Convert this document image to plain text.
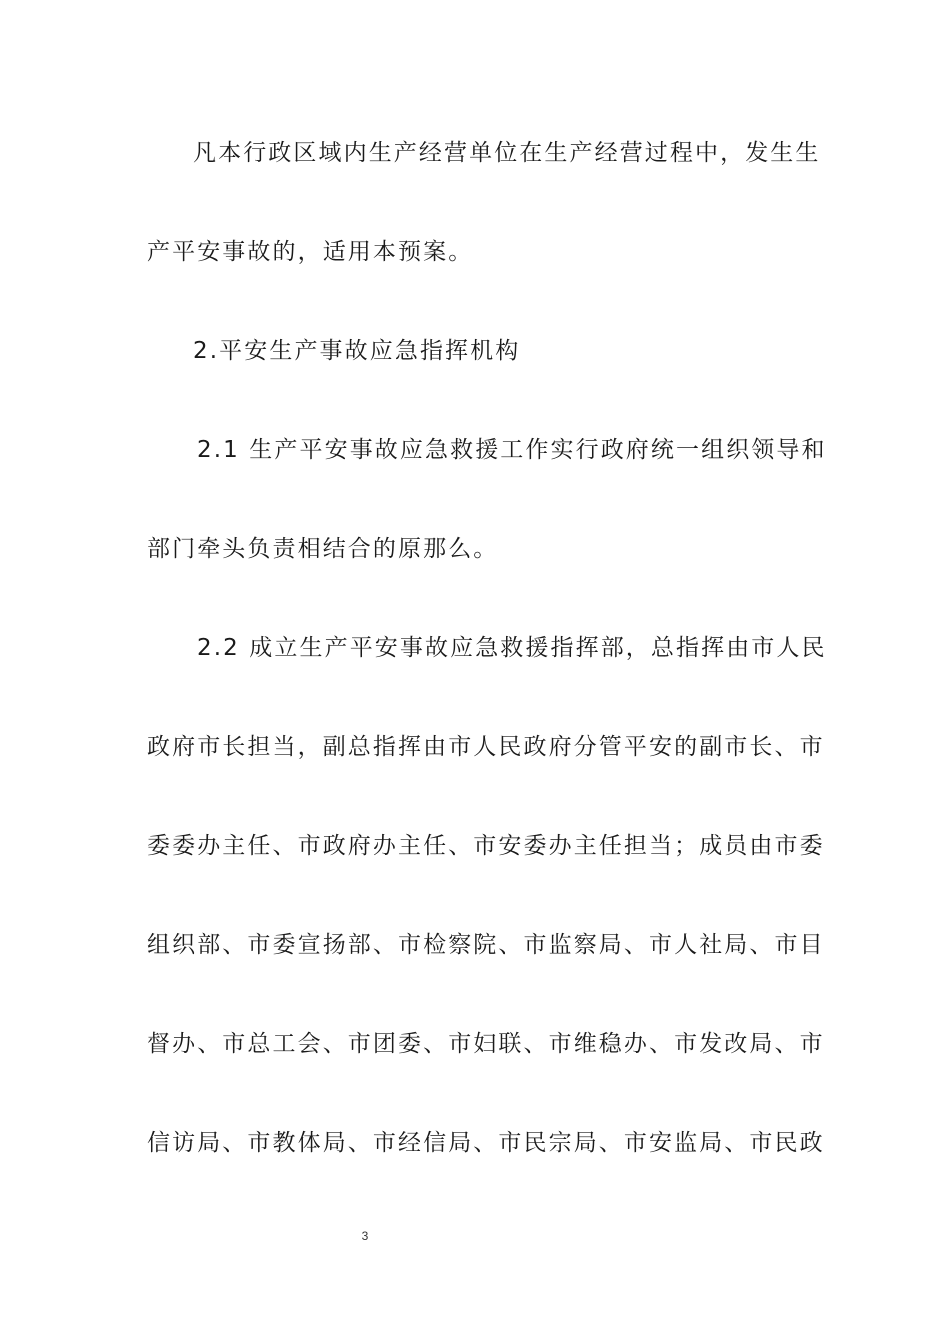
凡本行政区域内生产经营单位在生产经营过程中，发生生
产平安事故的，适用本预案。
2.平安生产事故应急指挥机构
2.1 生产平安事故应急救援工作实行政府统一组织领导和
部门牵头负责相结合的原那么。
2.2 成立生产平安事故应急救援指挥部，总指挥由市人民
政府市长担当，副总指挥由市人民政府分管平安的副市长、市
委委办主任、市政府办主任、市安委办主任担当；成员由市委
组织部、市委宣扬部、市检察院、市监察局、市人社局、市目
督办、市总工会、市团委、市妇联、市维稳办、市发改局、市
信访局、市教体局、市经信局、市民宗局、市安监局、市民政
3
